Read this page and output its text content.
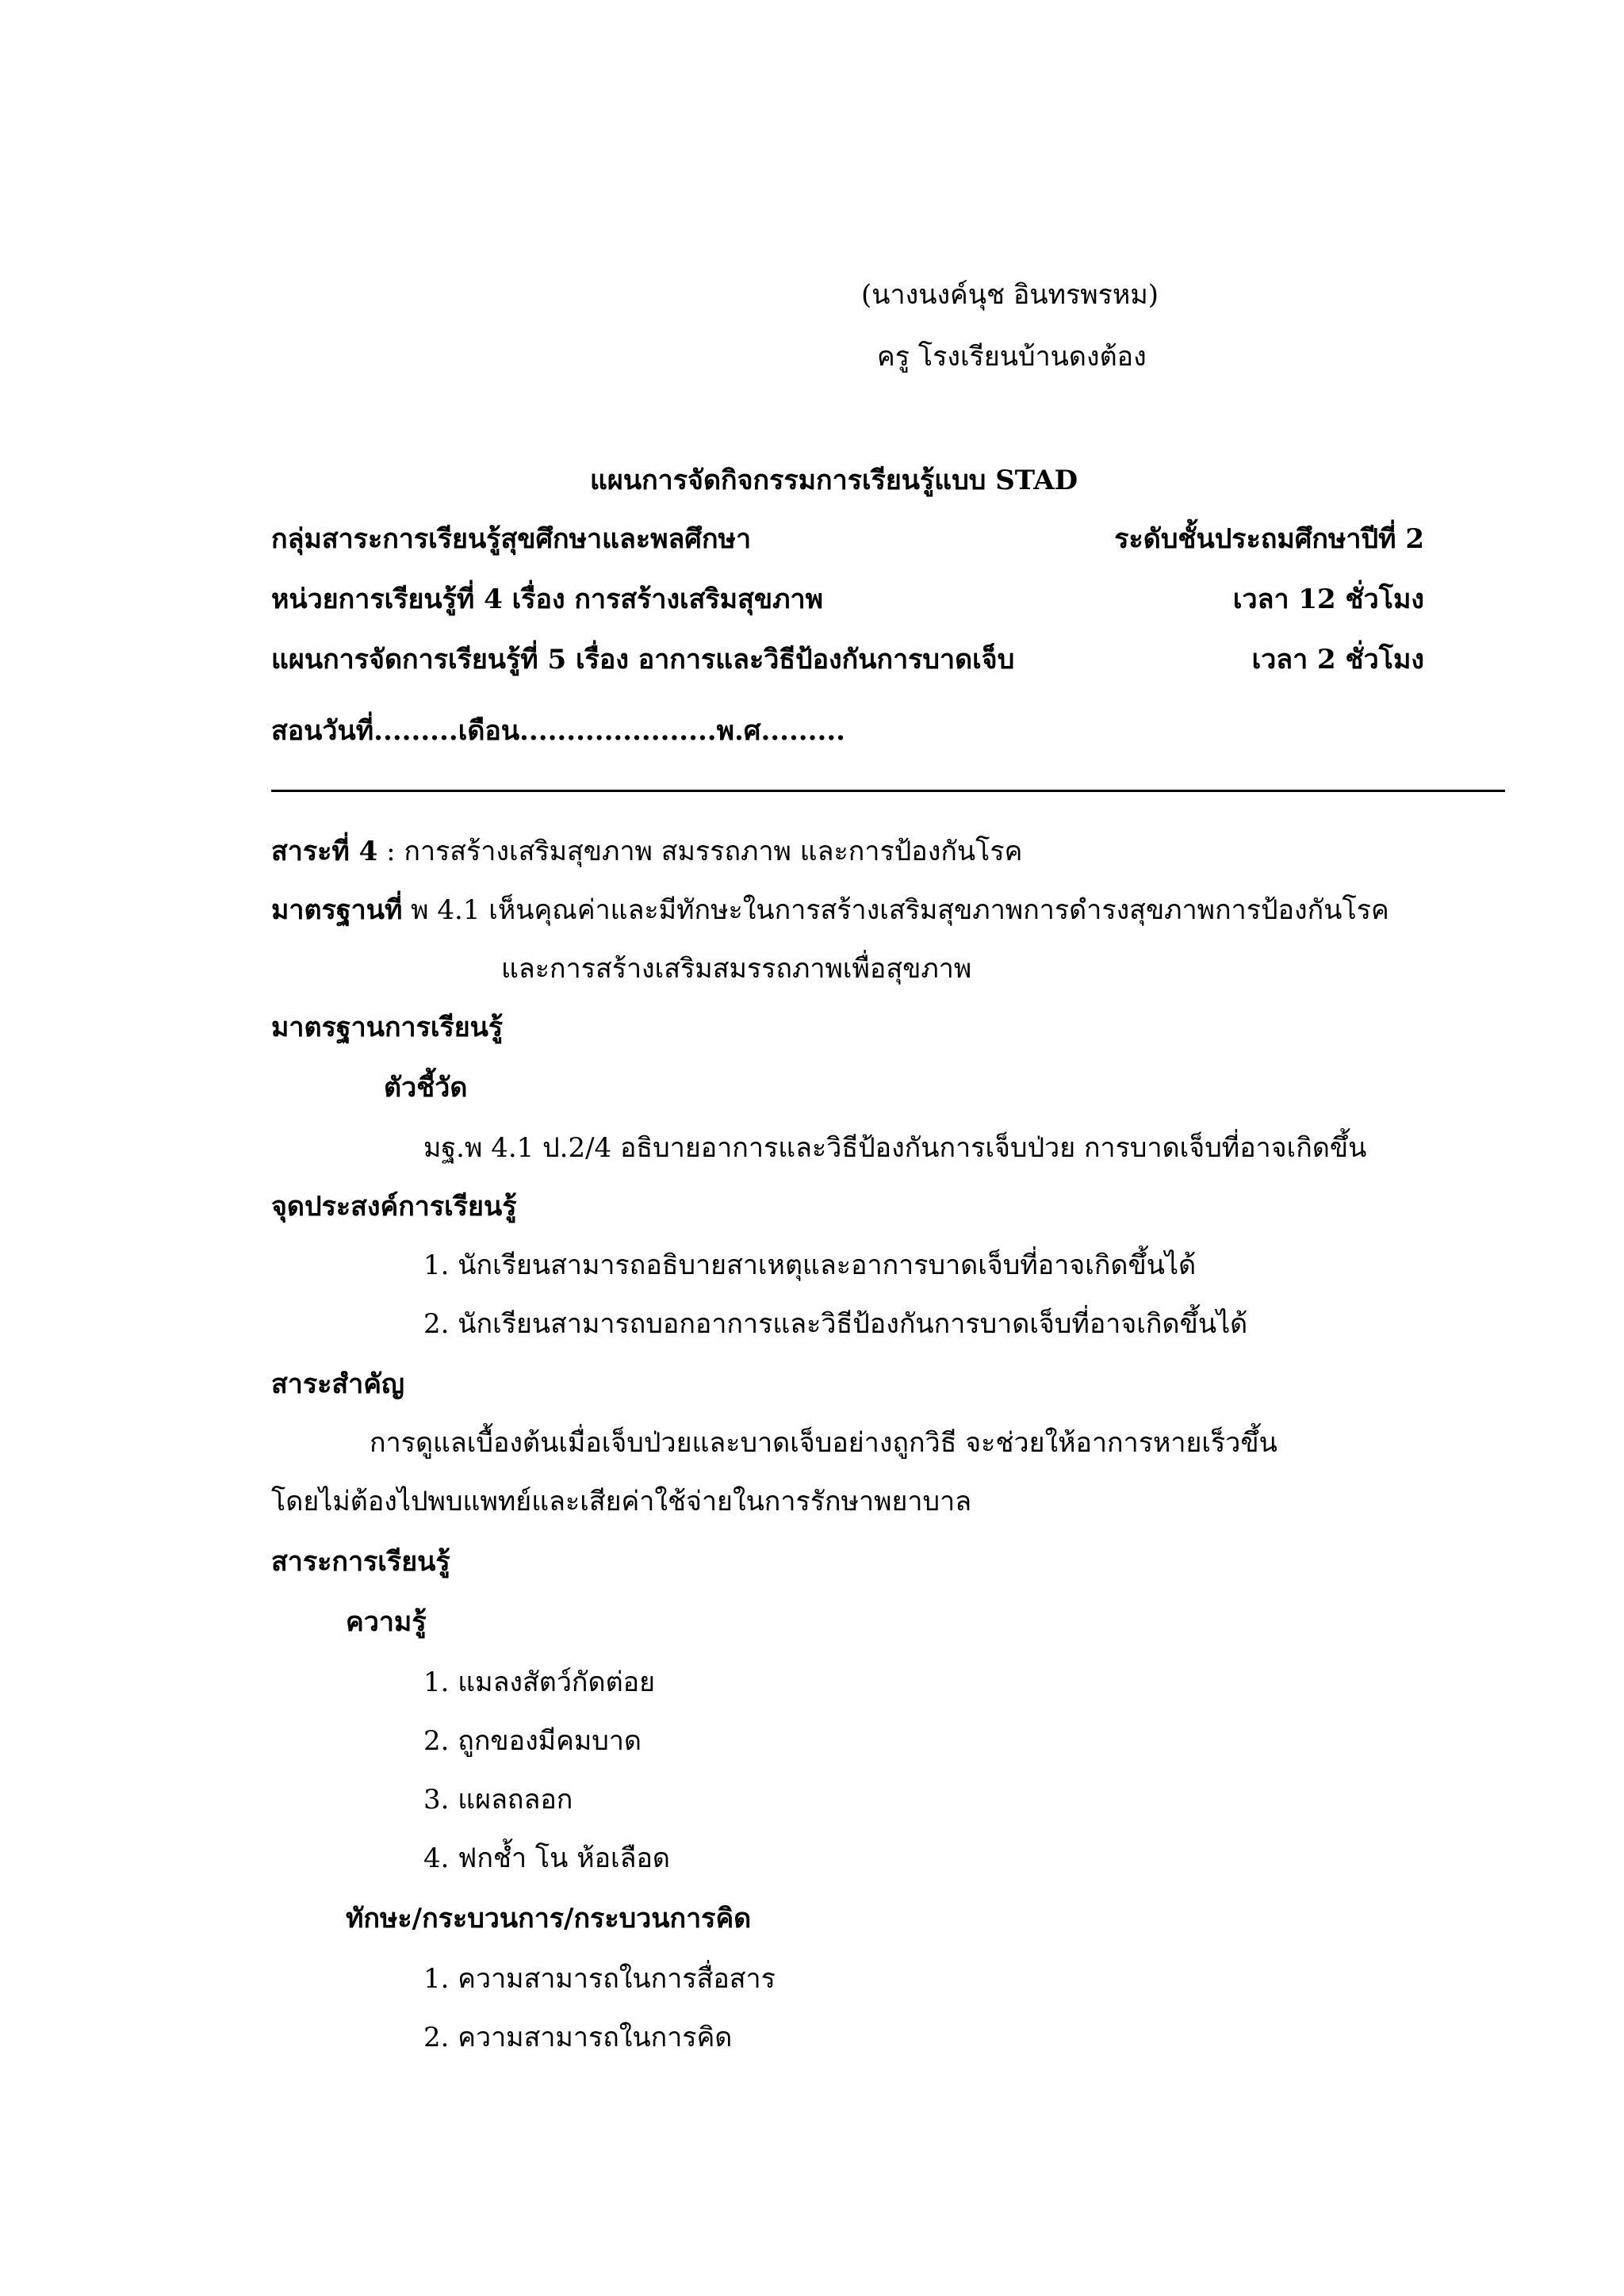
(นางนงค์นุช อินทรพรหม)
ครู โรงเรียนบ้านดงต้อง
แผนการจัดกิจกรรมการเรียนรู้แบบ STAD
กลุ่มสาระการเรียนรู้สุขศึกษาและพลศึกษา	ระดับชั้นประถมศึกษาปีที่ 2
หน่วยการเรียนรู้ที่ 4 เรื่อง การสร้างเสริมสุขภาพ	เวลา 12 ชั่วโมง
แผนการจัดการเรียนรู้ที่ 5 เรื่อง อาการและวิธีป้องกันการบาดเจ็บ	เวลา 2 ชั่วโมง
สอนวันที่.........เดือน.....................พ.ศ.........
สาระที่ 4 : การสร้างเสริมสุขภาพ สมรรถภาพ และการป้องกันโรค
มาตรฐานที่ พ 4.1 เห็นคุณค่าและมีทักษะในการสร้างเสริมสุขภาพการดำรงสุขภาพการป้องกันโรค
และการสร้างเสริมสมรรถภาพเพื่อสุขภาพ
มาตรฐานการเรียนรู้
ตัวชี้วัด
มฐ.พ 4.1 ป.2/4 อธิบายอาการและวิธีป้องกันการเจ็บป่วย การบาดเจ็บที่อาจเกิดขึ้น
จุดประสงค์การเรียนรู้
1. นักเรียนสามารถอธิบายสาเหตุและอาการบาดเจ็บที่อาจเกิดขึ้นได้
2. นักเรียนสามารถบอกอาการและวิธีป้องกันการบาดเจ็บที่อาจเกิดขึ้นได้
สาระสำคัญ
การดูแลเบื้องต้นเมื่อเจ็บป่วยและบาดเจ็บอย่างถูกวิธี จะช่วยให้อาการหายเร็วขึ้น
โดยไม่ต้องไปพบแพทย์และเสียค่าใช้จ่ายในการรักษาพยาบาล
สาระการเรียนรู้
ความรู้
1. แมลงสัตว์กัดต่อย
2. ถูกของมีคมบาด
3. แผลถลอก
4. ฟกช้ำ โน ห้อเลือด
ทักษะ/กระบวนการ/กระบวนการคิด
1. ความสามารถในการสื่อสาร
2. ความสามารถในการคิด
